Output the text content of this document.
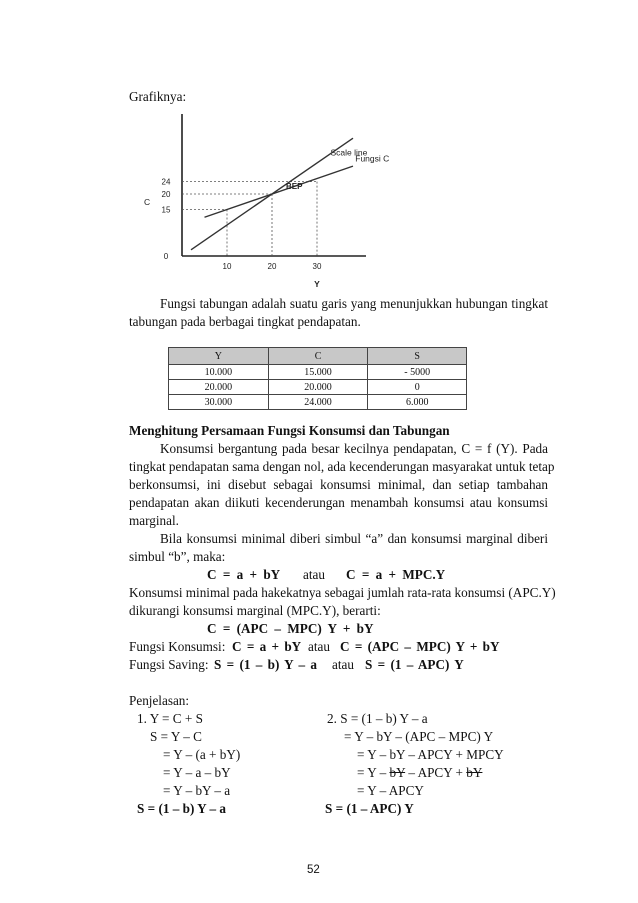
Grafiknya:
0
15
20
24
10	20	30
Y
C
Scale line
Fungsi C
BEP
Fungsi tabungan adalah suatu garis yang menunjukkan hubungan tingkat
tabungan pada berbagai tingkat pendapatan.
Y	C	S
10.000	15.000	- 5000
20.000	20.000	0
30.000	24.000	6.000
Menghitung Persamaan Fungsi Konsumsi dan Tabungan
Konsumsi bergantung pada besar kecilnya pendapatan, C = f (Y). Pada
tingkat pendapatan sama dengan nol, ada kecenderungan masyarakat untuk tetap
berkonsumsi, ini disebut sebagai konsumsi minimal, dan setiap tambahan
pendapatan akan diikuti kecenderungan menambah konsumsi atau konsumsi
marginal.
Bila konsumsi minimal diberi simbul “a” dan konsumsi marginal diberi
simbul “b”, maka:
C = a + bY atau C = a + MPC.Y
Konsumsi minimal pada hakekatnya sebagai jumlah rata-rata konsumsi (APC.Y)
dikurangi konsumsi marginal (MPC.Y), berarti:
C = (APC – MPC) Y + bY
Fungsi Konsumsi: C = a + bY atau C = (APC – MPC) Y + bY
Fungsi Saving: S = (1 – b) Y – a atau S = (1 – APC) Y
Penjelasan:
1. Y = C + S
S = Y – C
= Y – (a + bY)
= Y – a – bY
= Y – bY – a
S = (1 – b) Y – a
2. S = (1 – b) Y – a
= Y – bY – (APC – MPC) Y
= Y – bY – APCY + MPCY
= Y – bY – APCY + bY
= Y – APCY
S = (1 – APC) Y
52
